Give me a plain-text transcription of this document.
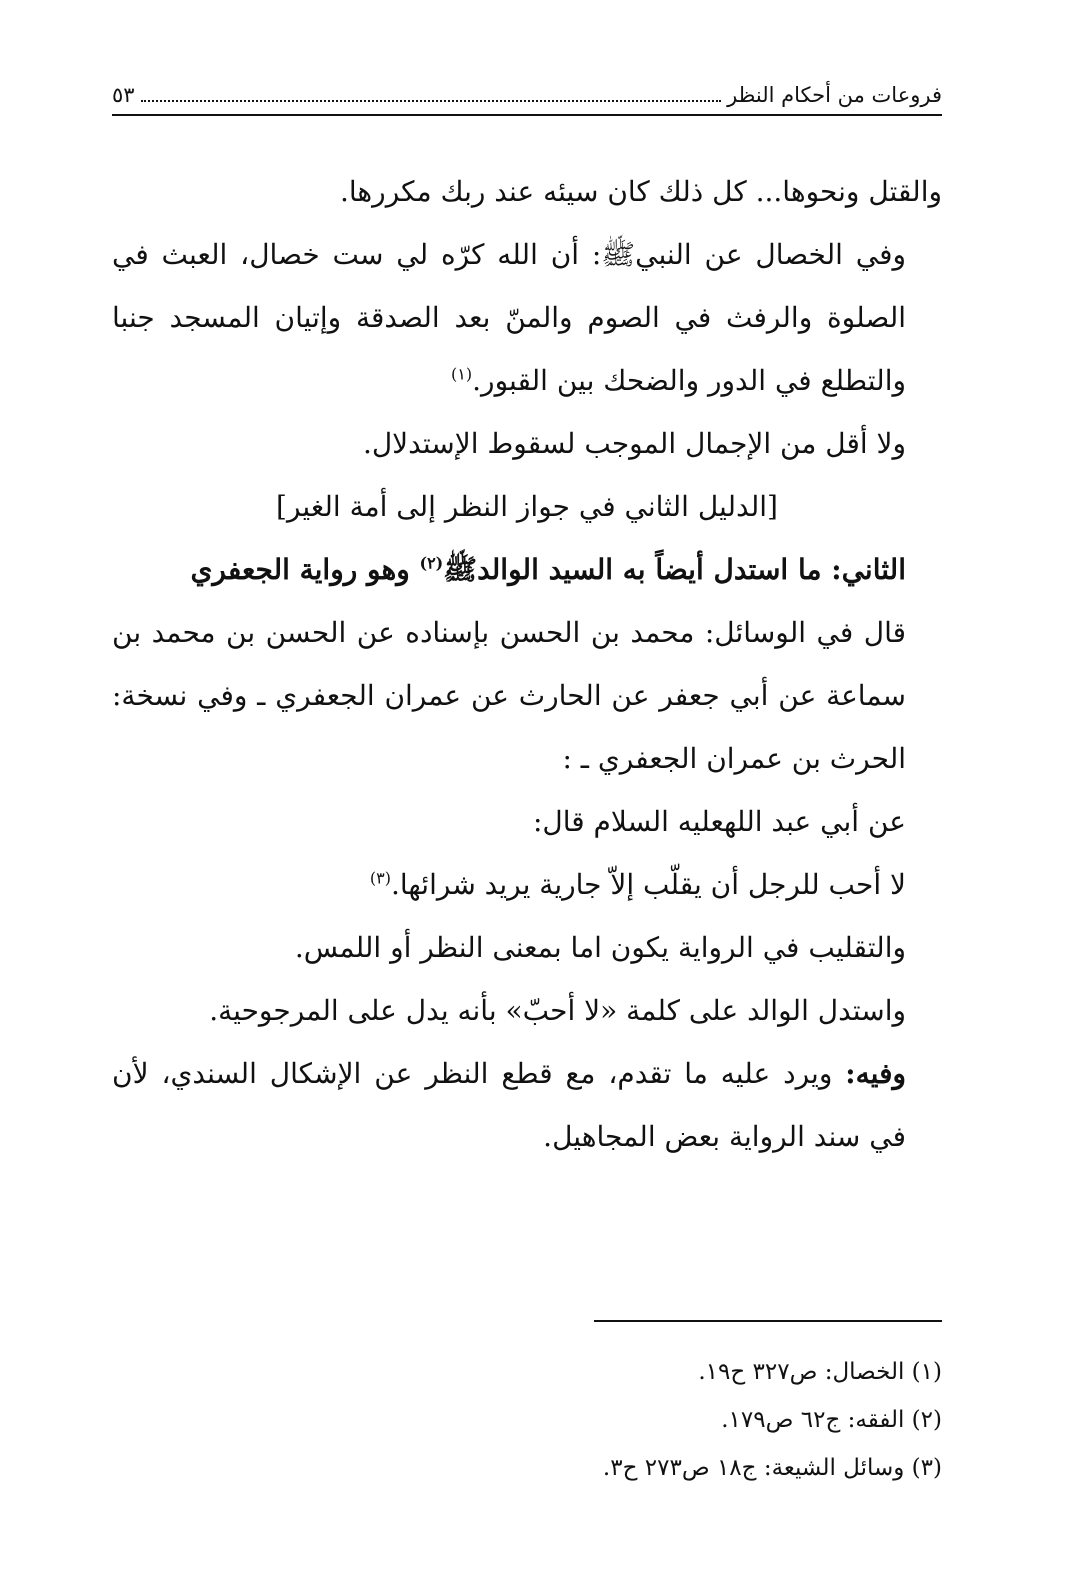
فروعات من أحكام النظر
٥٣

والقتل ونحوها... كل ذلك كان سيئه عند ربك مكررها.

وفي الخصال عن النبيﷺ: أن الله كرّه لي ست خصال، العبث في الصلوة والرفث في الصوم والمنّ بعد الصدقة وإتيان المسجد جنبا والتطلع في الدور والضحك بين القبور.$^{(١)}$

ولا أقل من الإجمال الموجب لسقوط الإستدلال.

[الدليل الثاني في جواز النظر إلى أمة الغير]

الثاني: ما استدل أيضاً به السيد الوالدﷺ$^{(٢)}$ وهو رواية الجعفري

قال في الوسائل: محمد بن الحسن بإسناده عن الحسن بن محمد بن سماعة عن أبي جعفر عن الحارث عن عمران الجعفري ـ وفي نسخة: الحرث بن عمران الجعفري ـ :

عن أبي عبد اللهعليه السلام قال:

لا أحب للرجل أن يقلّب إلاّ جارية يريد شرائها.$^{(٣)}$

والتقليب في الرواية يكون اما بمعنى النظر أو اللمس.

واستدل الوالد على كلمة «لا أحبّ» بأنه يدل على المرجوحية.

وفيه: ويرد عليه ما تقدم، مع قطع النظر عن الإشكال السندي، لأن في سند الرواية بعض المجاهيل.

(١) الخصال: ص٣٢٧ ح١٩.

(٢) الفقه: ج٦٢ ص١٧٩.

(٣) وسائل الشيعة: ج١٨ ص٢٧٣ ح٣.
